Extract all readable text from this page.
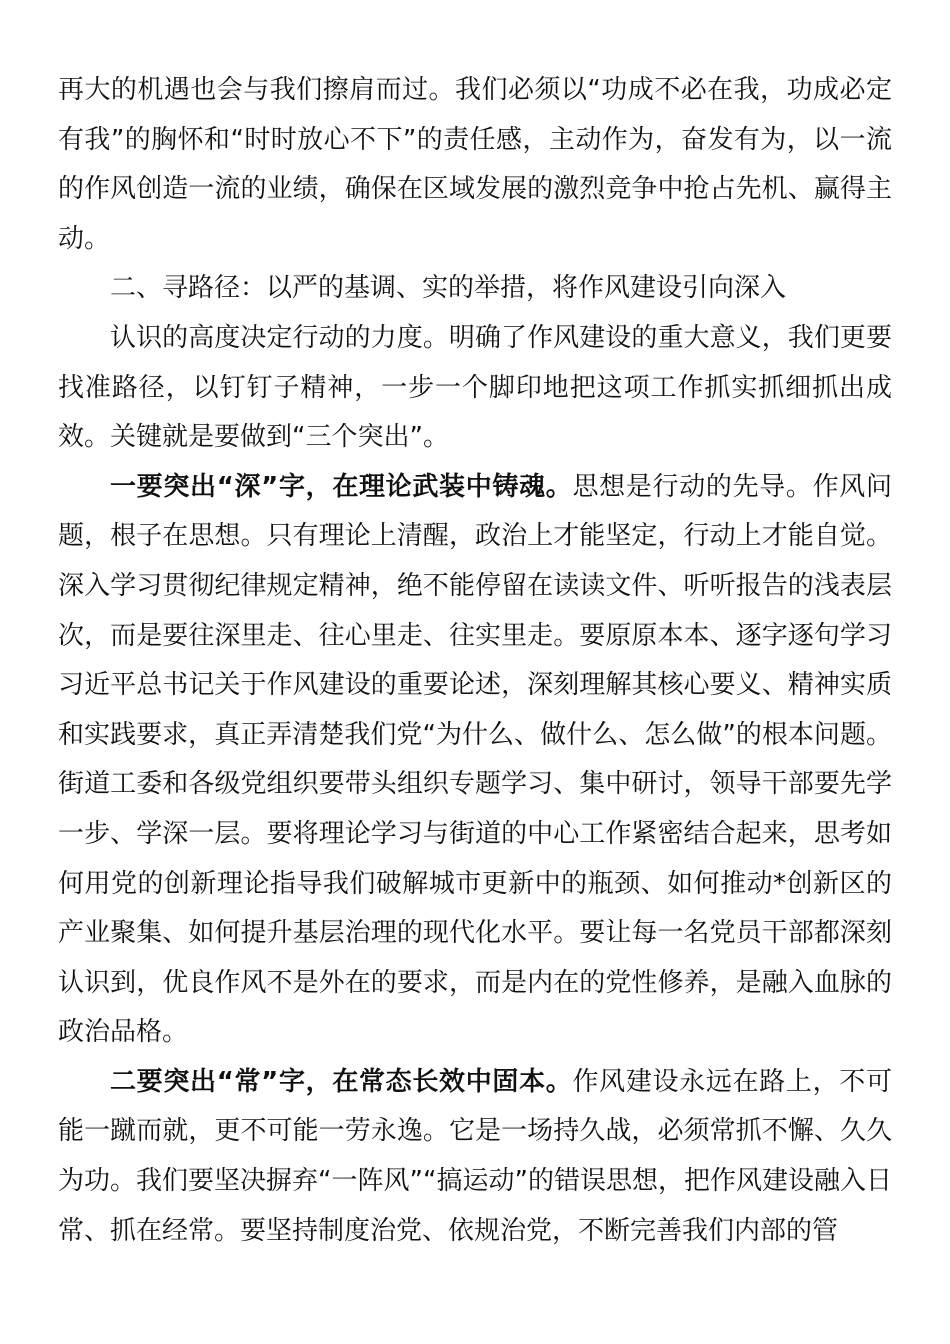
再大的机遇也会与我们擦肩而过。我们必须以“功成不必在我，功成必定有我”的胸怀和“时时放心不下”的责任感，主动作为，奋发有为，以一流的作风创造一流的业绩，确保在区域发展的激烈竞争中抢占先机、赢得主动。

二、寻路径：以严的基调、实的举措，将作风建设引向深入

认识的高度决定行动的力度。明确了作风建设的重大意义，我们更要找准路径，以钉钉子精神，一步一个脚印地把这项工作抓实抓细抓出成效。关键就是要做到“三个突出”。

一要突出“深”字，在理论武装中铸魂。思想是行动的先导。作风问题，根子在思想。只有理论上清醒，政治上才能坚定，行动上才能自觉。深入学习贯彻纪律规定精神，绝不能停留在读读文件、听听报告的浅表层次，而是要往深里走、往心里走、往实里走。要原原本本、逐字逐句学习习近平总书记关于作风建设的重要论述，深刻理解其核心要义、精神实质和实践要求，真正弄清楚我们党“为什么、做什么、怎么做”的根本问题。街道工委和各级党组织要带头组织专题学习、集中研讨，领导干部要先学一步、学深一层。要将理论学习与街道的中心工作紧密结合起来，思考如何用党的创新理论指导我们破解城市更新中的瓶颈、如何推动*创新区的产业聚集、如何提升基层治理的现代化水平。要让每一名党员干部都深刻认识到，优良作风不是外在的要求，而是内在的党性修养，是融入血脉的政治品格。

二要突出“常”字，在常态长效中固本。作风建设永远在路上，不可能一蹴而就，更不可能一劳永逸。它是一场持久战，必须常抓不懈、久久为功。我们要坚决摒弃“一阵风”“搞运动”的错误思想，把作风建设融入日常、抓在经常。要坚持制度治党、依规治党，不断完善我们内部的管
